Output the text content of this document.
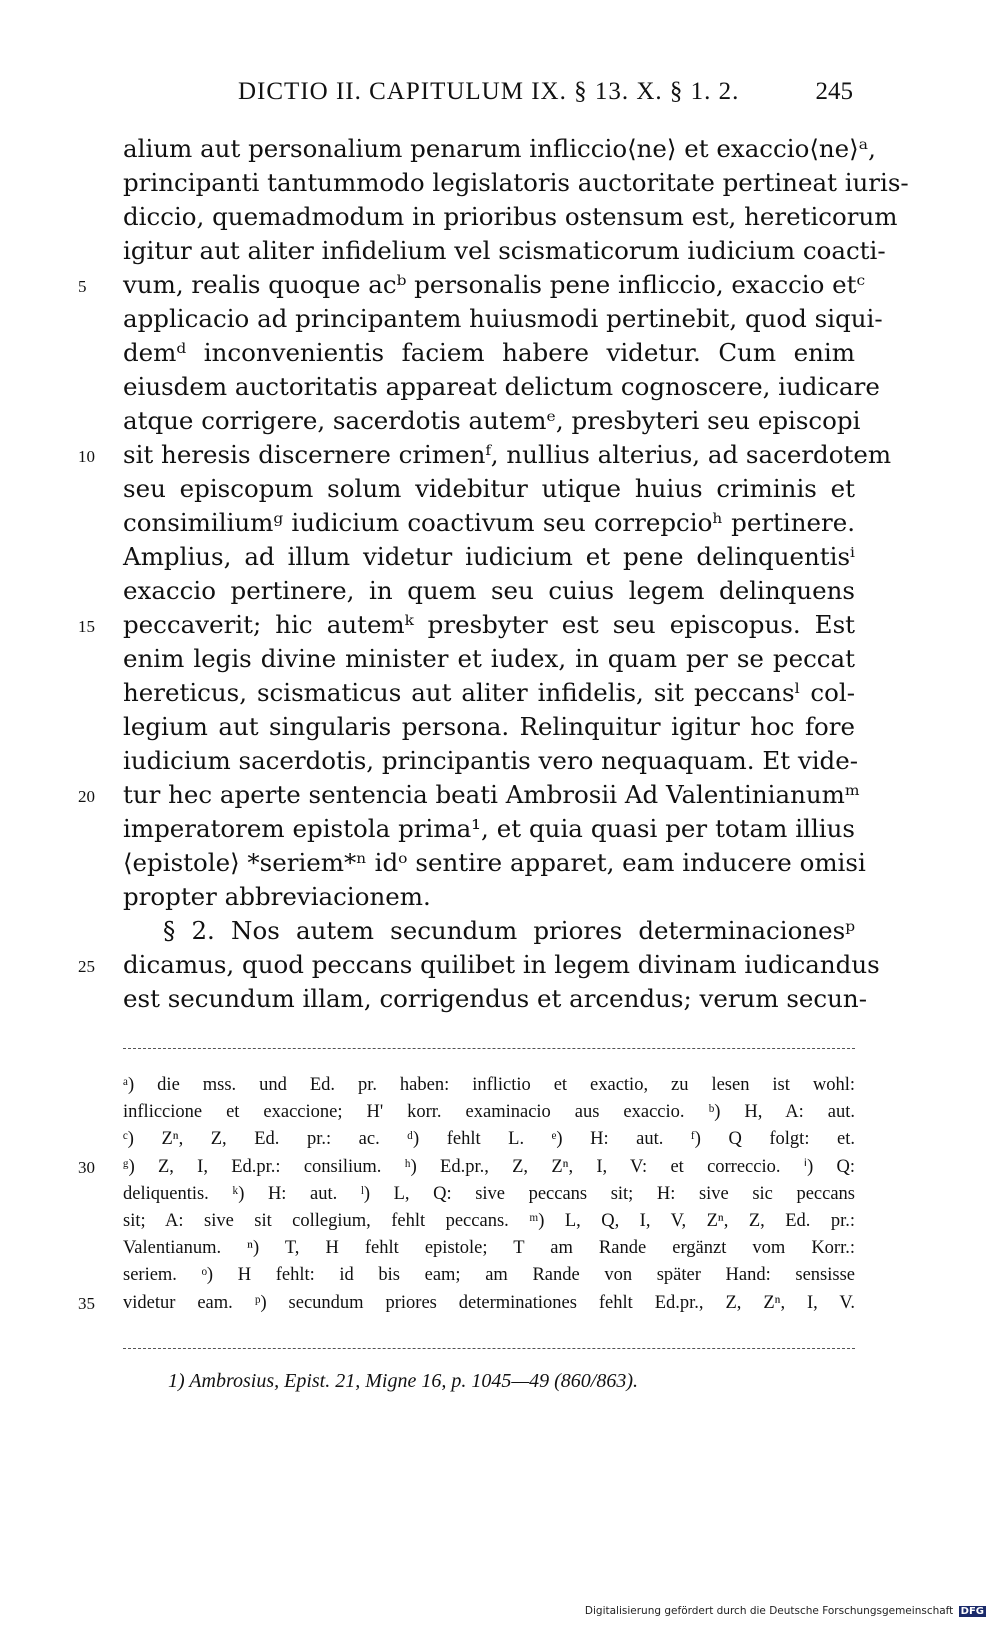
DICTIO II. CAPITULUM IX. § 13. X. § 1. 2.	245
alium aut personalium penarum inflicciо⟨ne⟩ et exacciо⟨ne⟩ᵃ,
principanti tantummodo legislatoris auctoritate pertineat iuris-
diccio, quemadmodum in prioribus ostensum est, hereticorum
igitur aut aliter infidelium vel scismaticorum iudicium coacti-
5	vum, realis quoque acᵇ personalis pene infliccio, exaccio etᶜ
applicacio ad principantem huiusmodi pertinebit, quod siqui-
demᵈ inconvenientis faciem habere videtur. Cum enim
eiusdem auctoritatis appareat delictum cognoscere, iudicare
atque corrigere, sacerdotis autemᵉ, presbyteri seu episcopi
10	sit heresis discernere crimenᶠ, nullius alterius, ad sacerdotem
seu episcopum solum videbitur utique huius criminis et
consimiliumᵍ iudicium coactivum seu correpcioʰ pertinere.
Amplius, ad illum videtur iudicium et pene delinquentisⁱ
exaccio pertinere, in quem seu cuius legem delinquens
15	peccaverit; hic autemᵏ presbyter est seu episcopus. Est
enim legis divine minister et iudex, in quam per se peccat
hereticus, scismaticus aut aliter infidelis, sit peccansˡ col-
legium aut singularis persona. Relinquitur igitur hoc fore
iudicium sacerdotis, principantis vero nequaquam. Et vide-
20	tur hec aperte sentencia beati Ambrosii Ad Valentinianumᵐ
imperatorem epistola prima¹, et quia quasi per totam illius
⟨epistole⟩ *seriem*ⁿ idᵒ sentire apparet, eam inducere omisi
propter abbreviacionem.
§ 2. Nos autem secundum priores determinacionesᵖ
25	dicamus, quod peccans quilibet in legem divinam iudicandus
est secundum illam, corrigendus et arcendus; verum secun-
ᵃ) die mss. und Ed. pr. haben: inflictio et exactio, zu lesen ist wohl:
infliccione et exaccione; H' korr. examinacio aus exaccio. ᵇ) H, A: aut.
ᶜ) Zⁿ, Z, Ed. pr.: ac. ᵈ) fehlt L. ᵉ) H: aut. ᶠ) Q folgt: et.
30 ᵍ) Z, I, Ed.pr.: consilium. ʰ) Ed.pr., Z, Zⁿ, I, V: et correccio. ⁱ) Q:
deliquentis. ᵏ) H: aut. ˡ) L, Q: sive peccans sit; H: sive sic peccans
sit; A: sive sit collegium, fehlt peccans. ᵐ) L, Q, I, V, Zⁿ, Z, Ed. pr.:
Valentianum. ⁿ) T, H fehlt epistole; T am Rande ergänzt vom Korr.:
seriem. ᵒ) H fehlt: id bis eam; am Rande von später Hand: sensisse
35 videtur eam. ᵖ) secundum priores determinationes fehlt Ed.pr., Z, Zⁿ, I, V.
1) Ambrosius, Epist. 21, Migne 16, p. 1045—49 (860/863).
Digitalisierung gefördert durch die Deutsche Forschungsgemeinschaft DFG
